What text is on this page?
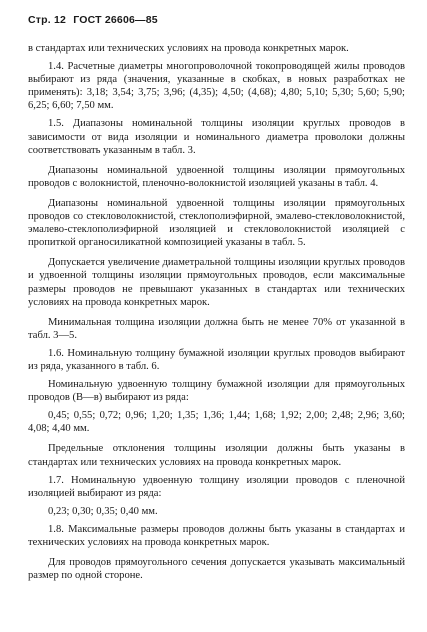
Стр. 12 ГОСТ 26606—85

в стандартах или технических условиях на провода конкретных марок.

1.4. Расчетные диаметры многопроволочной токопроводящей жилы проводов выбирают из ряда (значения, указанные в скобках, в новых разработках не применять): 3,18; 3,54; 3,75; 3,96; (4,35); 4,50; (4,68); 4,80; 5,10; 5,30; 5,60; 5,90; 6,25; 6,60; 7,50 мм.

1.5. Диапазоны номинальной толщины изоляции круглых проводов в зависимости от вида изоляции и номинального диаметра проволоки должны соответствовать указанным в табл. 3.

Диапазоны номинальной удвоенной толщины изоляции прямоугольных проводов с волокнистой, пленочно-волокнистой изоляцией указаны в табл. 4.

Диапазоны номинальной удвоенной толщины изоляции прямоугольных проводов со стекловолокнистой, стеклополиэфирной, эмалево-стекловолокнистой, эмалево-стеклополиэфирной изоляцией и стекловолокнистой изоляцией с пропиткой органосиликатной композицией указаны в табл. 5.

Допускается увеличение диаметральной толщины изоляции круглых проводов и удвоенной толщины изоляции прямоугольных проводов, если максимальные размеры проводов не превышают указанных в стандартах или технических условиях на провода конкретных марок.

Минимальная толщина изоляции должна быть не менее 70% от указанной в табл. 3—5.

1.6. Номинальную толщину бумажной изоляции круглых проводов выбирают из ряда, указанного в табл. 6.

Номинальную удвоенную толщину бумажной изоляции для прямоугольных проводов (B—в) выбирают из ряда:

0,45; 0,55; 0,72; 0,96; 1,20; 1,35; 1,36; 1,44; 1,68; 1,92; 2,00; 2,48; 2,96; 3,60; 4,08; 4,40 мм.

Предельные отклонения толщины изоляции должны быть указаны в стандартах или технических условиях на провода конкретных марок.

1.7. Номинальную удвоенную толщину изоляции проводов с пленочной изоляцией выбирают из ряда:

0,23; 0,30; 0,35; 0,40 мм.

1.8. Максимальные размеры проводов должны быть указаны в стандартах и технических условиях на провода конкретных марок.

Для проводов прямоугольного сечения допускается указывать максимальный размер по одной стороне.
